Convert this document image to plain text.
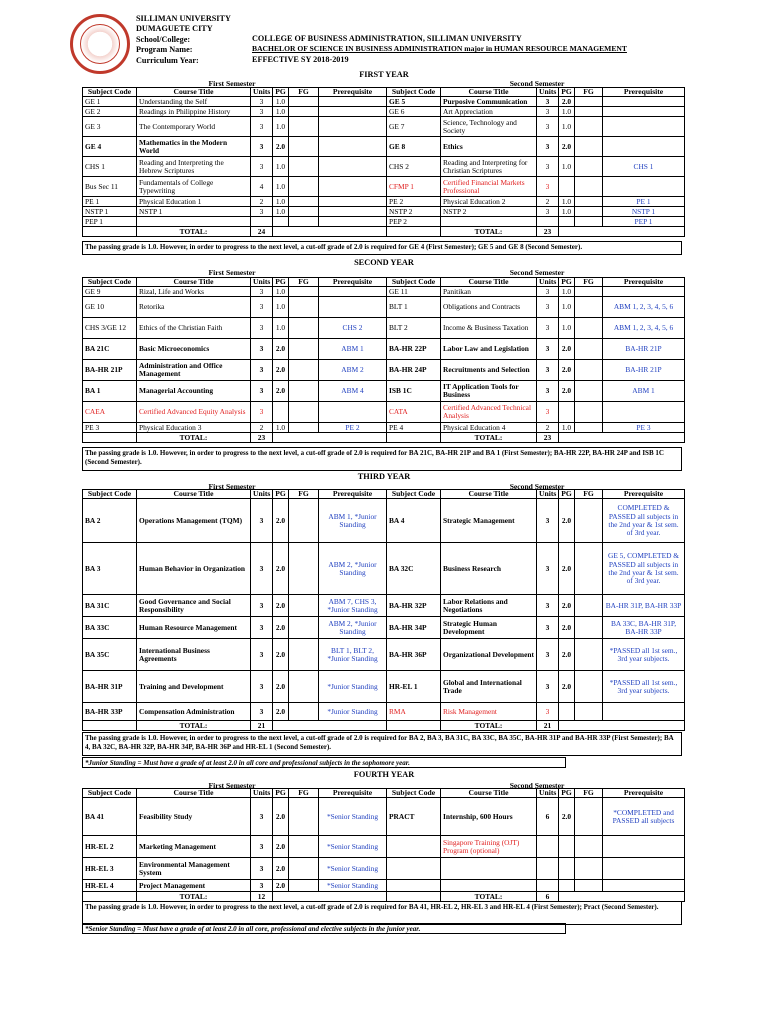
SILLIMAN UNIVERSITY
DUMAGUETE CITY
School/College:
Program Name:
Curriculum Year:
COLLEGE OF BUSINESS ADMINISTRATION, SILLIMAN UNIVERSITY
BACHELOR OF SCIENCE IN BUSINESS ADMINISTRATION major in HUMAN RESOURCE MANAGEMENT
EFFECTIVE SY 2018-2019
FIRST YEAR
First Semester	Second Semester
Subject Code	Course Title	Units	PG	FG	Prerequisite	Subject Code	Course Title	Units	PG	FG	Prerequisite
GE 1	Understanding the Self	3	1.0			GE 5	Purposive Communication	3	2.0		
GE 2	Readings in Philippine History	3	1.0			GE 6	Art Appreciation	3	1.0		
GE 3	The Contemporary World	3	1.0			GE 7	Science, Technology and Society	3	1.0		
GE 4	Mathematics in the Modern World	3	2.0			GE 8	Ethics	3	2.0		
CHS 1	Reading and Interpreting the Hebrew Scriptures	3	1.0			CHS 2	Reading and Interpreting for Christian Scriptures	3	1.0		CHS 1
Bus Sec 11	Fundamentals of College Typewriting	4	1.0			CFMP 1	Certified Financial Markets Professional	3			
PE 1	Physical Education 1	2	1.0			PE 2	Physical Education 2	2	1.0		PE 1
NSTP 1	NSTP 1	3	1.0			NSTP 2	NSTP 2	3	1.0		NSTP 1
PEP 1						PEP 2					PEP 1
	TOTAL:	24					TOTAL:	23			
The passing grade is 1.0. However, in order to progress to the next level, a cut-off grade of 2.0 is required for GE 4 (First Semester); GE 5 and GE 8 (Second Semester).
SECOND YEAR
First Semester	Second Semester
Subject Code	Course Title	Units	PG	FG	Prerequisite	Subject Code	Course Title	Units	PG	FG	Prerequisite
GE 9	Rizal, Life and Works	3	1.0			GE 11	Panitikan	3	1.0		
GE 10	Retorika	3	1.0			BLT 1	Obligations and Contracts	3	1.0		ABM 1, 2, 3, 4, 5, 6
CHS 3/GE 12	Ethics of the Christian Faith	3	1.0		CHS 2	BLT 2	Income & Business Taxation	3	1.0		ABM 1, 2, 3, 4, 5, 6
BA 21C	Basic Microeconomics	3	2.0		ABM 1	BA-HR 22P	Labor Law and Legislation	3	2.0		BA-HR 21P
BA-HR 21P	Administration and Office Management	3	2.0		ABM 2	BA-HR 24P	Recruitments and Selection	3	2.0		BA-HR 21P
BA 1	Managerial Accounting	3	2.0		ABM 4	ISB 1C	IT Application Tools for Business	3	2.0		ABM 1
CAEA	Certified Advanced Equity Analysis	3				CATA	Certified Advanced Technical Analysis	3			
PE 3	Physical Education 3	2	1.0		PE 2	PE 4	Physical Education 4	2	1.0		PE 3
	TOTAL:	23					TOTAL:	23			
The passing grade is 1.0. However, in order to progress to the next level, a cut-off grade of 2.0 is required for BA 21C, BA-HR 21P and BA 1 (First Semester); BA-HR 22P, BA-HR 24P and ISB 1C (Second Semester).
THIRD YEAR
First Semester	Second Semester
Subject Code	Course Title	Units	PG	FG	Prerequisite	Subject Code	Course Title	Units	PG	FG	Prerequisite
BA 2	Operations Management (TQM)	3	2.0		ABM 1, *Junior Standing	BA 4	Strategic Management	3	2.0		COMPLETED & PASSED all subjects in the 2nd year & 1st sem. of 3rd year.
BA 3	Human Behavior in Organization	3	2.0		ABM 2, *Junior Standing	BA 32C	Business Research	3	2.0		GE 5, COMPLETED & PASSED all subjects in the 2nd year & 1st sem. of 3rd year.
BA 31C	Good Governance and Social Responsibility	3	2.0		ABM 7, CHS 3, *Junior Standing	BA-HR 32P	Labor Relations and Negotiations	3	2.0		BA-HR 31P, BA-HR 33P
BA 33C	Human Resource Management	3	2.0		ABM 2, *Junior Standing	BA-HR 34P	Strategic Human Development	3	2.0		BA 33C, BA-HR 31P, BA-HR 33P
BA 35C	International Business Agreements	3	2.0		BLT 1, BLT 2, *Junior Standing	BA-HR 36P	Organizational Development	3	2.0		*PASSED all 1st sem., 3rd year subjects.
BA-HR 31P	Training and Development	3	2.0		*Junior Standing	HR-EL 1	Global and International Trade	3	2.0		*PASSED all 1st sem., 3rd year subjects.
BA-HR 33P	Compensation Administration	3	2.0		*Junior Standing	RMA	Risk Management	3			
	TOTAL:	21					TOTAL:	21			
The passing grade is 1.0. However, in order to progress to the next level, a cut-off grade of 2.0 is required for BA 2, BA 3, BA 31C, BA 33C, BA 35C, BA-HR 31P and BA-HR 33P (First Semester); BA 4, BA 32C, BA-HR 32P, BA-HR 34P, BA-HR 36P and HR-EL 1 (Second Semester).
*Junior Standing = Must have a grade of at least 2.0 in all core and professional subjects in the sophomore year.
FOURTH YEAR
First Semester	Second Semester
Subject Code	Course Title	Units	PG	FG	Prerequisite	Subject Code	Course Title	Units	PG	FG	Prerequisite
BA 41	Feasibility Study	3	2.0		*Senior Standing	PRACT	Internship, 600 Hours	6	2.0		*COMPLETED and PASSED all subjects
HR-EL 2	Marketing Management	3	2.0		*Senior Standing		Singapore Training (OJT) Program (optional)				
HR-EL 3	Environmental Management System	3	2.0		*Senior Standing						
HR-EL 4	Project Management	3	2.0		*Senior Standing						
	TOTAL:	12					TOTAL:	6			
The passing grade is 1.0. However, in order to progress to the next level, a cut-off grade of 2.0 is required for BA 41, HR-EL 2, HR-EL 3 and HR-EL 4 (First Semester); Pract (Second Semester).
*Senior Standing = Must have a grade of at least 2.0 in all core, professional and elective subjects in the junior year.
